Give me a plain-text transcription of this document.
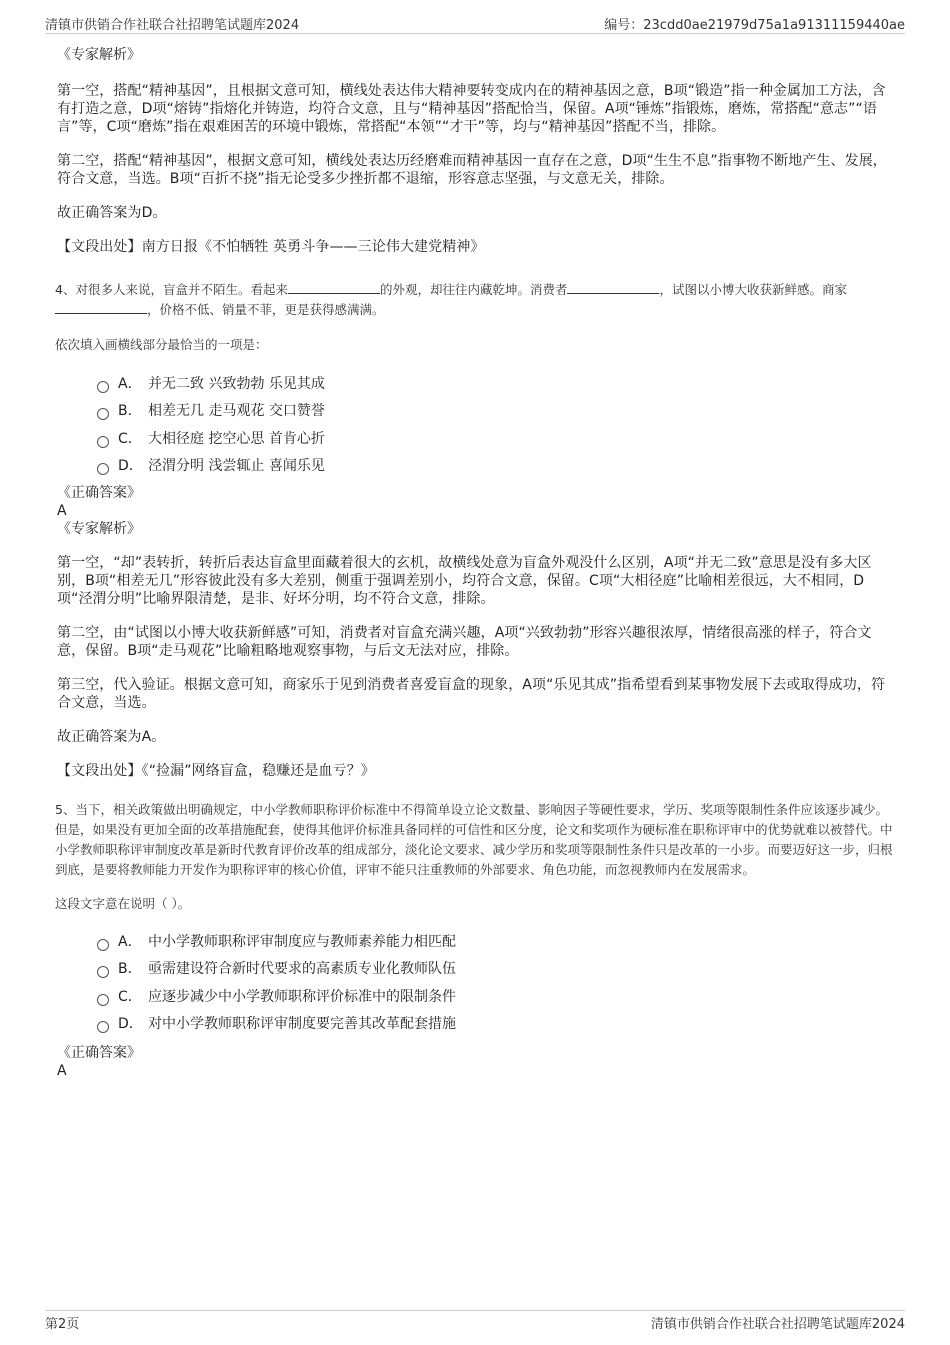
清镇市供销合作社联合社招聘笔试题库2024	编号：23cdd0ae21979d75a1a91311159440ae

《专家解析》

第一空，搭配“精神基因”，且根据文意可知，横线处表达伟大精神要转变成内在的精神基因之意，B项“锻造”指一种金属加工方法，含有打造之意，D项“熔铸”指熔化并铸造，均符合文意，且与“精神基因”搭配恰当，保留。A项“锤炼”指锻炼，磨炼，常搭配“意志”“语言”等，C项“磨炼”指在艰难困苦的环境中锻炼，常搭配“本领”“才干”等，均与“精神基因”搭配不当，排除。

第二空，搭配“精神基因”，根据文意可知，横线处表达历经磨难而精神基因一直存在之意，D项“生生不息”指事物不断地产生、发展，符合文意，当选。B项“百折不挠”指无论受多少挫折都不退缩，形容意志坚强，与文意无关，排除。

故正确答案为D。

【文段出处】南方日报《不怕牺牲 英勇斗争——三论伟大建党精神》

4、对很多人来说，盲盒并不陌生。看起来	的外观，却往往内藏乾坤。消费者	，试图以小博大收获新鲜感。商家，价格不低、销量不菲，更是获得感满满。

依次填入画横线部分最恰当的一项是：

A． 并无二致 兴致勃勃 乐见其成
B． 相差无几 走马观花 交口赞誉
C． 大相径庭 挖空心思 首肯心折
D． 泾渭分明 浅尝辄止 喜闻乐见

《正确答案》

A

《专家解析》

第一空，“却”表转折，转折后表达盲盒里面藏着很大的玄机，故横线处意为盲盒外观没什么区别，A项“并无二致”意思是没有多大区别，B项“相差无几”形容彼此没有多大差别，侧重于强调差别小，均符合文意，保留。C项“大相径庭”比喻相差很远，大不相同，D项“泾渭分明”比喻界限清楚，是非、好坏分明，均不符合文意，排除。

第二空，由“试图以小博大收获新鲜感”可知，消费者对盲盒充满兴趣，A项“兴致勃勃”形容兴趣很浓厚，情绪很高涨的样子，符合文意，保留。B项“走马观花”比喻粗略地观察事物，与后文无法对应，排除。

第三空，代入验证。根据文意可知，商家乐于见到消费者喜爱盲盒的现象，A项“乐见其成”指希望看到某事物发展下去或取得成功，符合文意，当选。

故正确答案为A。

【文段出处】《“捡漏”网络盲盒，稳赚还是血亏？》

5、当下，相关政策做出明确规定，中小学教师职称评价标准中不得简单设立论文数量、影响因子等硬性要求，学历、奖项等限制性条件应该逐步减少。但是，如果没有更加全面的改革措施配套，使得其他评价标准具备同样的可信性和区分度，论文和奖项作为硬标准在职称评审中的优势就难以被替代。中小学教师职称评审制度改革是新时代教育评价改革的组成部分，淡化论文要求、减少学历和奖项等限制性条件只是改革的一小步。而要迈好这一步，归根到底，是要将教师能力开发作为职称评审的核心价值，评审不能只注重教师的外部要求、角色功能，而忽视教师内在发展需求。

这段文字意在说明（ ）。

A． 中小学教师职称评审制度应与教师素养能力相匹配
B． 亟需建设符合新时代要求的高素质专业化教师队伍
C． 应逐步减少中小学教师职称评价标准中的限制条件
D． 对中小学教师职称评审制度要完善其改革配套措施

《正确答案》

A

第2页	清镇市供销合作社联合社招聘笔试题库2024
